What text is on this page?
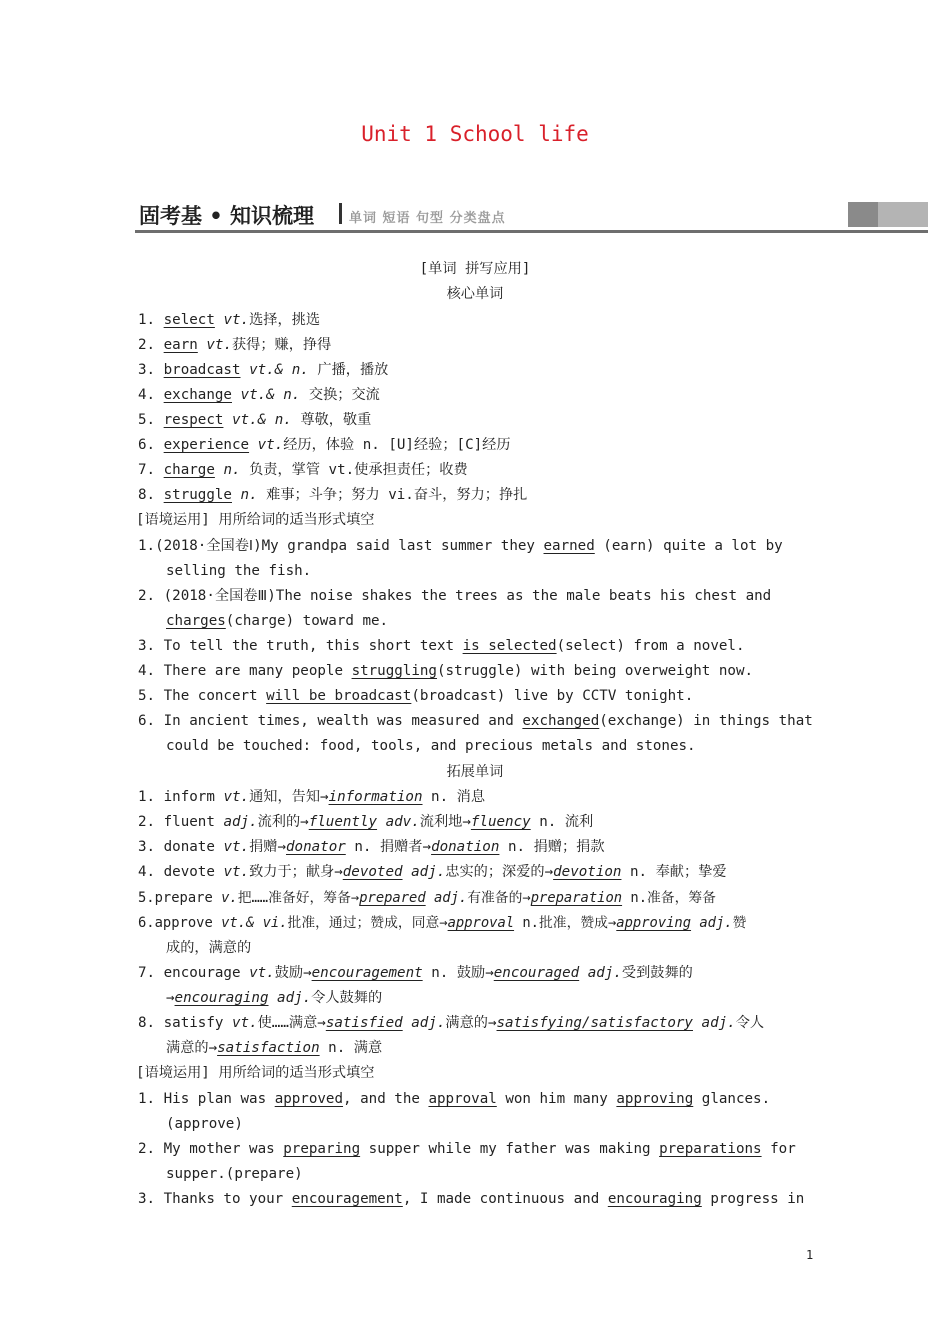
Unit 1 School life
固考基 • 知识梳理	单词 短语 句型 分类盘点
[单词 拼写应用]
核心单词
1. select vt.选择，挑选
2. earn vt.获得；赚，挣得
3. broadcast vt.& n. 广播，播放
4. exchange vt.& n. 交换；交流
5. respect vt.& n. 尊敬，敬重
6. experience vt.经历，体验 n. [U]经验；[C]经历
7. charge n. 负责，掌管 vt.使承担责任；收费
8. struggle n. 难事；斗争；努力 vi.奋斗，努力；挣扎
[语境运用] 用所给词的适当形式填空
1.(2018·全国卷Ⅰ)My grandpa said last summer they earned (earn) quite a lot by
selling the fish.
2. (2018·全国卷Ⅲ)The noise shakes the trees as the male beats his chest and
charges(charge) toward me.
3. To tell the truth, this short text is selected(select) from a novel.
4. There are many people struggling(struggle) with being overweight now.
5. The concert will be broadcast(broadcast) live by CCTV tonight.
6. In ancient times, wealth was measured and exchanged(exchange) in things that
could be touched: food, tools, and precious metals and stones.
拓展单词
1. inform vt.通知，告知→information n. 消息
2. fluent adj.流利的→fluently adv.流利地→fluency n. 流利
3. donate vt.捐赠→donator n. 捐赠者→donation n. 捐赠；捐款
4. devote vt.致力于；献身→devoted adj.忠实的；深爱的→devotion n. 奉献；挚爱
5.prepare v.把……准备好，筹备→prepared adj.有准备的→preparation n.准备，筹备
6.approve vt.& vi.批准，通过；赞成，同意→approval n.批准，赞成→approving adj.赞
成的，满意的
7. encourage vt.鼓励→encouragement n. 鼓励→encouraged adj.受到鼓舞的
→encouraging adj.令人鼓舞的
8. satisfy vt.使……满意→satisfied adj.满意的→satisfying/satisfactory adj.令人
满意的→satisfaction n. 满意
[语境运用] 用所给词的适当形式填空
1. His plan was approved, and the approval won him many approving glances.
(approve)
2. My mother was preparing supper while my father was making preparations for
supper.(prepare)
3. Thanks to your encouragement, I made continuous and encouraging progress in
1
